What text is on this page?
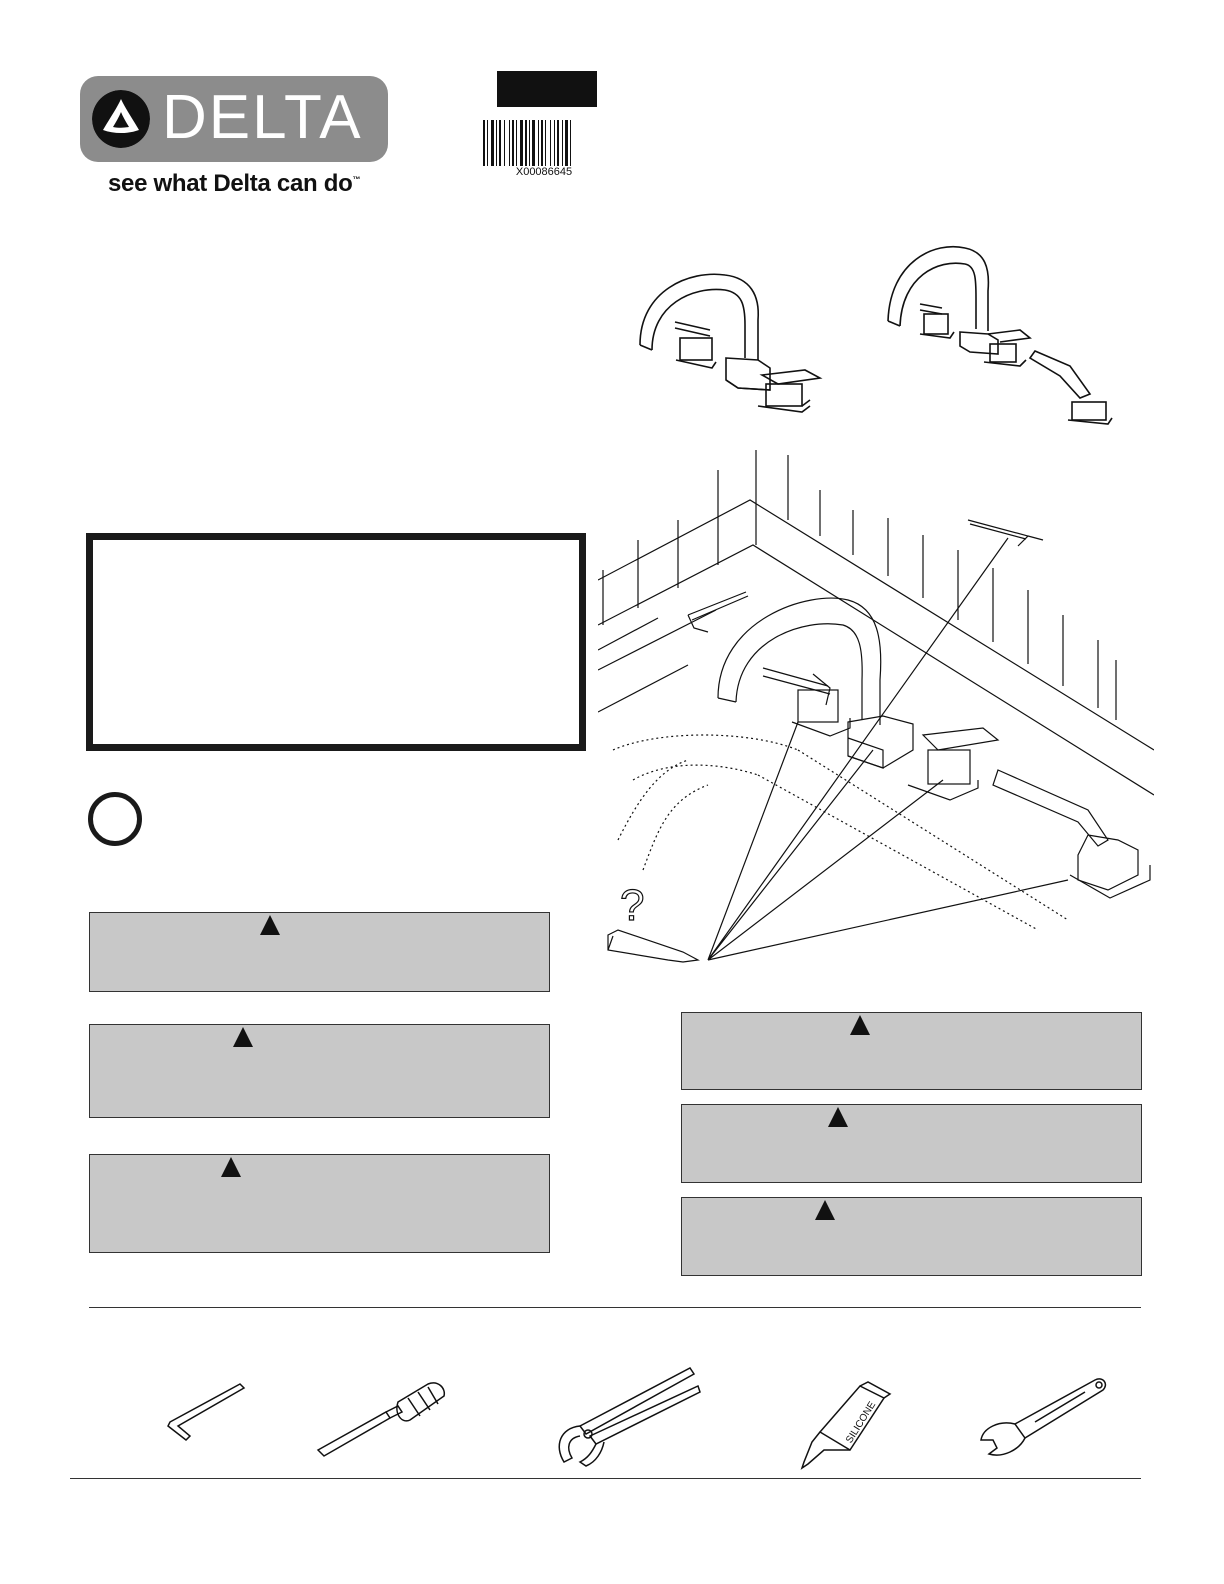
DELTA
see what Delta can do™
X00086645
?
SILICONE
